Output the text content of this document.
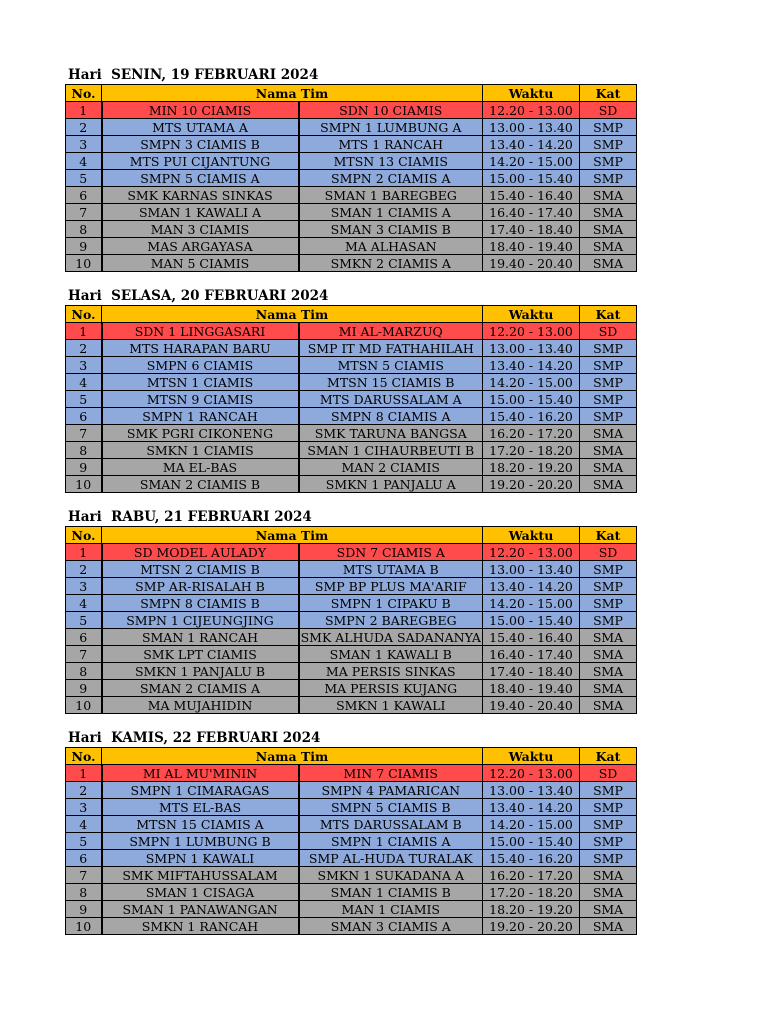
Hari  SENIN, 19 FEBRUARI 2024
No.	Nama Tim		Waktu	Kat
1	MIN 10 CIAMIS	SDN 10 CIAMIS	12.20 - 13.00	SD
2	MTS UTAMA A	SMPN 1 LUMBUNG A	13.00 - 13.40	SMP
3	SMPN 3 CIAMIS B	MTS 1 RANCAH	13.40 - 14.20	SMP
4	MTS PUI CIJANTUNG	MTSN 13 CIAMIS	14.20 - 15.00	SMP
5	SMPN 5 CIAMIS A	SMPN 2 CIAMIS A	15.00 - 15.40	SMP
6	SMK KARNAS SINKAS	SMAN 1 BAREGBEG	15.40 - 16.40	SMA
7	SMAN 1 KAWALI A	SMAN 1 CIAMIS A	16.40 - 17.40	SMA
8	MAN 3 CIAMIS	SMAN 3 CIAMIS B	17.40 - 18.40	SMA
9	MAS ARGAYASA	MA ALHASAN	18.40 - 19.40	SMA
10	MAN 5 CIAMIS	SMKN 2 CIAMIS A	19.40 - 20.40	SMA
Hari  SELASA, 20 FEBRUARI 2024
No.	Nama Tim		Waktu	Kat
1	SDN 1 LINGGASARI	MI AL-MARZUQ	12.20 - 13.00	SD
2	MTS HARAPAN BARU	SMP IT MD FATHAHILAH	13.00 - 13.40	SMP
3	SMPN 6 CIAMIS	MTSN 5 CIAMIS	13.40 - 14.20	SMP
4	MTSN 1 CIAMIS	MTSN 15 CIAMIS B	14.20 - 15.00	SMP
5	MTSN 9 CIAMIS	MTS DARUSSALAM A	15.00 - 15.40	SMP
6	SMPN 1 RANCAH	SMPN 8 CIAMIS A	15.40 - 16.20	SMP
7	SMK PGRI CIKONENG	SMK TARUNA BANGSA	16.20 - 17.20	SMA
8	SMKN 1 CIAMIS	SMAN 1 CIHAURBEUTI B	17.20 - 18.20	SMA
9	MA EL-BAS	MAN 2 CIAMIS	18.20 - 19.20	SMA
10	SMAN 2 CIAMIS B	SMKN 1 PANJALU A	19.20 - 20.20	SMA
Hari  RABU, 21 FEBRUARI 2024
No.	Nama Tim		Waktu	Kat
1	SD MODEL AULADY	SDN 7 CIAMIS A	12.20 - 13.00	SD
2	MTSN 2 CIAMIS B	MTS UTAMA B	13.00 - 13.40	SMP
3	SMP AR-RISALAH B	SMP BP PLUS MA'ARIF	13.40 - 14.20	SMP
4	SMPN 8 CIAMIS B	SMPN 1 CIPAKU B	14.20 - 15.00	SMP
5	SMPN 1 CIJEUNGJING	SMPN 2 BAREGBEG	15.00 - 15.40	SMP
6	SMAN 1 RANCAH	SMK ALHUDA SADANANYA	15.40 - 16.40	SMA
7	SMK LPT CIAMIS	SMAN 1 KAWALI B	16.40 - 17.40	SMA
8	SMKN 1 PANJALU B	MA PERSIS SINKAS	17.40 - 18.40	SMA
9	SMAN 2 CIAMIS A	MA PERSIS KUJANG	18.40 - 19.40	SMA
10	MA MUJAHIDIN	SMKN 1 KAWALI	19.40 - 20.40	SMA
Hari  KAMIS, 22 FEBRUARI 2024
No.	Nama Tim		Waktu	Kat
1	MI AL MU'MININ	MIN 7 CIAMIS	12.20 - 13.00	SD
2	SMPN 1 CIMARAGAS	SMPN 4 PAMARICAN	13.00 - 13.40	SMP
3	MTS EL-BAS	SMPN 5 CIAMIS B	13.40 - 14.20	SMP
4	MTSN 15 CIAMIS A	MTS DARUSSALAM B	14.20 - 15.00	SMP
5	SMPN 1 LUMBUNG B	SMPN 1 CIAMIS A	15.00 - 15.40	SMP
6	SMPN 1 KAWALI	SMP AL-HUDA TURALAK	15.40 - 16.20	SMP
7	SMK MIFTAHUSSALAM	SMKN 1 SUKADANA A	16.20 - 17.20	SMA
8	SMAN 1 CISAGA	SMAN 1 CIAMIS B	17.20 - 18.20	SMA
9	SMAN 1 PANAWANGAN	MAN 1 CIAMIS	18.20 - 19.20	SMA
10	SMKN 1 RANCAH	SMAN 3 CIAMIS A	19.20 - 20.20	SMA
